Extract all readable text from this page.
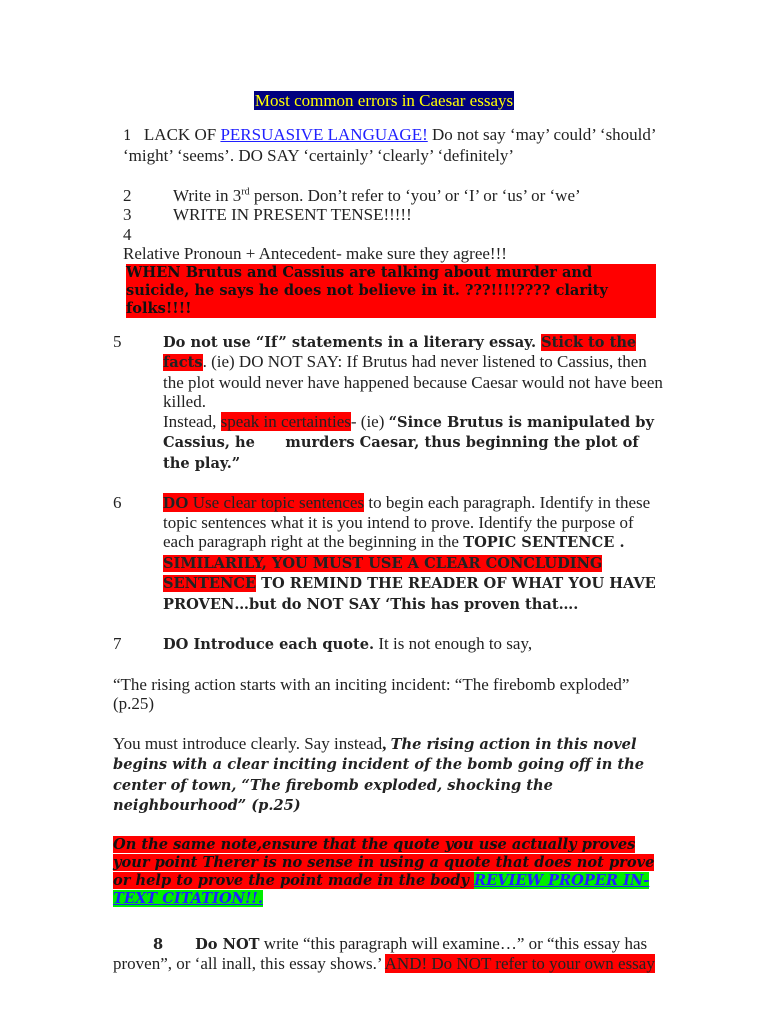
Most common errors in Caesar essays
1 LACK OF PERSUASIVE LANGUAGE! Do not say ‘may’ could’ ‘should’
‘might’ ‘seems’. DO SAY ‘certainly’ ‘clearly’ ‘definitely’
2	Write in 3rd person. Don’t refer to ‘you’ or ‘I’ or ‘us’ or ‘we’
3	WRITE IN PRESENT TENSE!!!!!
4
Relative Pronoun + Antecedent- make sure they agree!!!
WHEN Brutus and Cassius are talking about murder and suicide, he says he does not believe in it. ???!!!!???? clarity folks!!!!
5	Do not use “If” statements in a literary essay. Stick to the facts. (ie) DO NOT SAY: If Brutus had never listened to Cassius, then the plot would never have happened because Caesar would not have been killed.
Instead, speak in certainties- (ie) “Since Brutus is manipulated by Cassius, he      murders Caesar, thus beginning the plot of the play.”
6	DO Use clear topic sentences to begin each paragraph. Identify in these topic sentences what it is you intend to prove. Identify the purpose of each paragraph right at the beginning in the TOPIC SENTENCE . SIMILARILY, YOU MUST USE A CLEAR CONCLUDING SENTENCE TO REMIND THE READER OF WHAT YOU HAVE PROVEN…but do NOT SAY ‘This has proven that….
7	DO Introduce each quote. It is not enough to say,
“The rising action starts with an inciting incident: “The firebomb exploded” (p.25)
You must introduce clearly. Say instead, The rising action in this novel begins with a clear inciting incident of the bomb going off in the center of town, “The firebomb exploded, shocking the neighbourhood” (p.25)
On the same note,ensure that the quote you use actually proves your point Therer is no sense in using a quote that does not prove or help to prove the point made in the body REVIEW PROPER IN-TEXT CITATION!!.
8 Do NOT write “this paragraph will examine…” or “this essay has proven”, or ‘all inall, this essay shows.’ AND! Do NOT refer to your own essay
